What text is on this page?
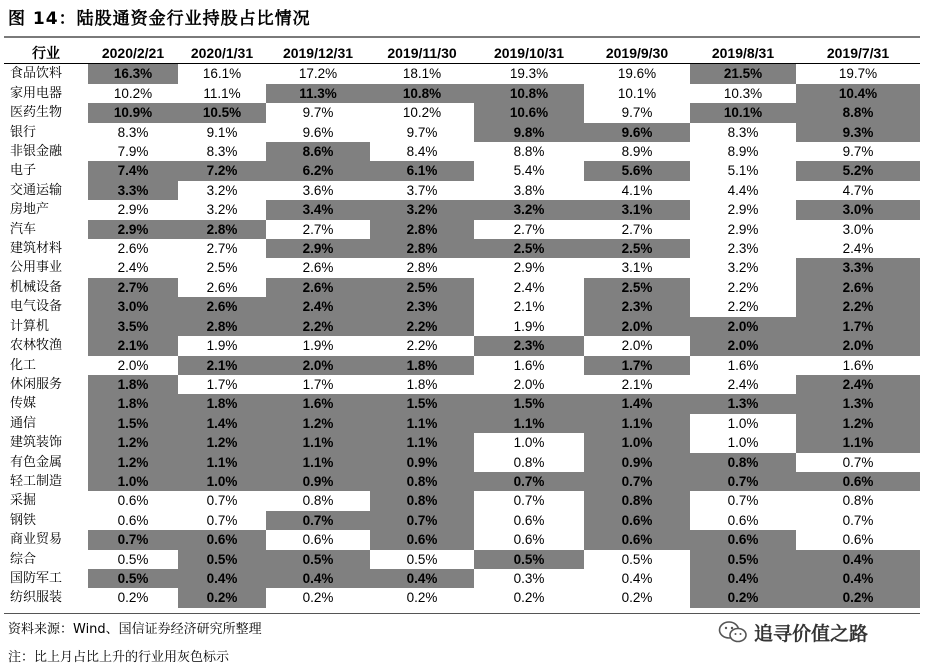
图 14：陆股通资金行业持股占比情况
行业	2020/2/21	2020/1/31	2019/12/31	2019/11/30	2019/10/31	2019/9/30	2019/8/31	2019/7/31
食品饮料	16.3%	16.1%	17.2%	18.1%	19.3%	19.6%	21.5%	19.7%
家用电器	10.2%	11.1%	11.3%	10.8%	10.8%	10.1%	10.3%	10.4%
医药生物	10.9%	10.5%	9.7%	10.2%	10.6%	9.7%	10.1%	8.8%
银行	8.3%	9.1%	9.6%	9.7%	9.8%	9.6%	8.3%	9.3%
非银金融	7.9%	8.3%	8.6%	8.4%	8.8%	8.9%	8.9%	9.7%
电子	7.4%	7.2%	6.2%	6.1%	5.4%	5.6%	5.1%	5.2%
交通运输	3.3%	3.2%	3.6%	3.7%	3.8%	4.1%	4.4%	4.7%
房地产	2.9%	3.2%	3.4%	3.2%	3.2%	3.1%	2.9%	3.0%
汽车	2.9%	2.8%	2.7%	2.8%	2.7%	2.7%	2.9%	3.0%
建筑材料	2.6%	2.7%	2.9%	2.8%	2.5%	2.5%	2.3%	2.4%
公用事业	2.4%	2.5%	2.6%	2.8%	2.9%	3.1%	3.2%	3.3%
机械设备	2.7%	2.6%	2.6%	2.5%	2.4%	2.5%	2.2%	2.6%
电气设备	3.0%	2.6%	2.4%	2.3%	2.1%	2.3%	2.2%	2.2%
计算机	3.5%	2.8%	2.2%	2.2%	1.9%	2.0%	2.0%	1.7%
农林牧渔	2.1%	1.9%	1.9%	2.2%	2.3%	2.0%	2.0%	2.0%
化工	2.0%	2.1%	2.0%	1.8%	1.6%	1.7%	1.6%	1.6%
休闲服务	1.8%	1.7%	1.7%	1.8%	2.0%	2.1%	2.4%	2.4%
传媒	1.8%	1.8%	1.6%	1.5%	1.5%	1.4%	1.3%	1.3%
通信	1.5%	1.4%	1.2%	1.1%	1.1%	1.1%	1.0%	1.2%
建筑装饰	1.2%	1.2%	1.1%	1.1%	1.0%	1.0%	1.0%	1.1%
有色金属	1.2%	1.1%	1.1%	0.9%	0.8%	0.9%	0.8%	0.7%
轻工制造	1.0%	1.0%	0.9%	0.8%	0.7%	0.7%	0.7%	0.6%
采掘	0.6%	0.7%	0.8%	0.8%	0.7%	0.8%	0.7%	0.8%
钢铁	0.6%	0.7%	0.7%	0.7%	0.6%	0.6%	0.6%	0.7%
商业贸易	0.7%	0.6%	0.6%	0.6%	0.6%	0.6%	0.6%	0.6%
综合	0.5%	0.5%	0.5%	0.5%	0.5%	0.5%	0.5%	0.4%
国防军工	0.5%	0.4%	0.4%	0.4%	0.3%	0.4%	0.4%	0.4%
纺织服装	0.2%	0.2%	0.2%	0.2%	0.2%	0.2%	0.2%	0.2%
资料来源：Wind、国信证券经济研究所整理
注：比上月占比上升的行业用灰色标示
追寻价值之路
